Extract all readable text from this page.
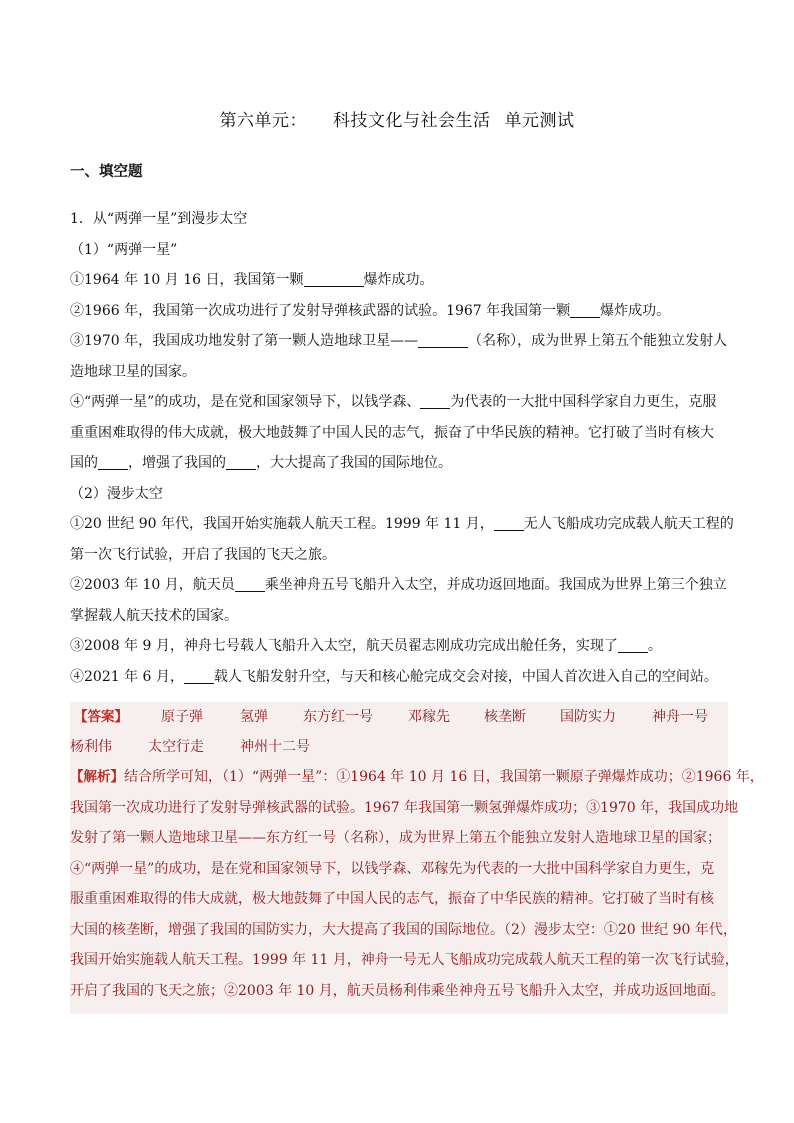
第六单元： 科技文化与社会生活 单元测试
一、填空题
1．从“两弹一星”到漫步太空
（1）“两弹一星”
①1964 年 10 月 16 日，我国第一颗	爆炸成功。
②1966 年，我国第一次成功进行了发射导弹核武器的试验。1967 年我国第一颗 爆炸成功。
③1970 年，我国成功地发射了第一颗人造地球卫星——	（名称），成为世界上第五个能独立发射人
造地球卫星的国家。
④“两弹一星”的成功，是在党和国家领导下，以钱学森、 为代表的一大批中国科学家自力更生，克服
重重困难取得的伟大成就，极大地鼓舞了中国人民的志气，振奋了中华民族的精神。它打破了当时有核大
国的 ，增强了我国的 ，大大提高了我国的国际地位。
（2）漫步太空
①20 世纪 90 年代，我国开始实施载人航天工程。1999 年 11 月， 无人飞船成功完成载人航天工程的
第一次飞行试验，开启了我国的飞天之旅。
②2003 年 10 月，航天员 乘坐神舟五号飞船升入太空，并成功返回地面。我国成为世界上第三个独立
掌握载人航天技术的国家。
③2008 年 9 月，神舟七号载人飞船升入太空，航天员翟志刚成功完成出舱任务，实现了 。
④2021 年 6 月， 载人飞船发射升空，与天和核心舱完成交会对接，中国人首次进入自己的空间站。
【答案】 原子弹	氢弹	东方红一号	邓稼先 核垄断 国防实力	神舟一号
杨利伟	太空行走	神州十二号
【解析】结合所学可知，（1）“两弹一星”：①1964 年 10 月 16 日，我国第一颗原子弹爆炸成功；②1966 年，
我国第一次成功进行了发射导弹核武器的试验。1967 年我国第一颗氢弹爆炸成功；③1970 年，我国成功地
发射了第一颗人造地球卫星——东方红一号（名称），成为世界上第五个能独立发射人造地球卫星的国家；
④“两弹一星”的成功，是在党和国家领导下，以钱学森、邓稼先为代表的一大批中国科学家自力更生，克
服重重困难取得的伟大成就，极大地鼓舞了中国人民的志气，振奋了中华民族的精神。它打破了当时有核
大国的核垄断，增强了我国的国防实力，大大提高了我国的国际地位。（2）漫步太空：①20 世纪 90 年代，
我国开始实施载人航天工程。1999 年 11 月，神舟一号无人飞船成功完成载人航天工程的第一次飞行试验，
开启了我国的飞天之旅；②2003 年 10 月，航天员杨利伟乘坐神舟五号飞船升入太空，并成功返回地面。
